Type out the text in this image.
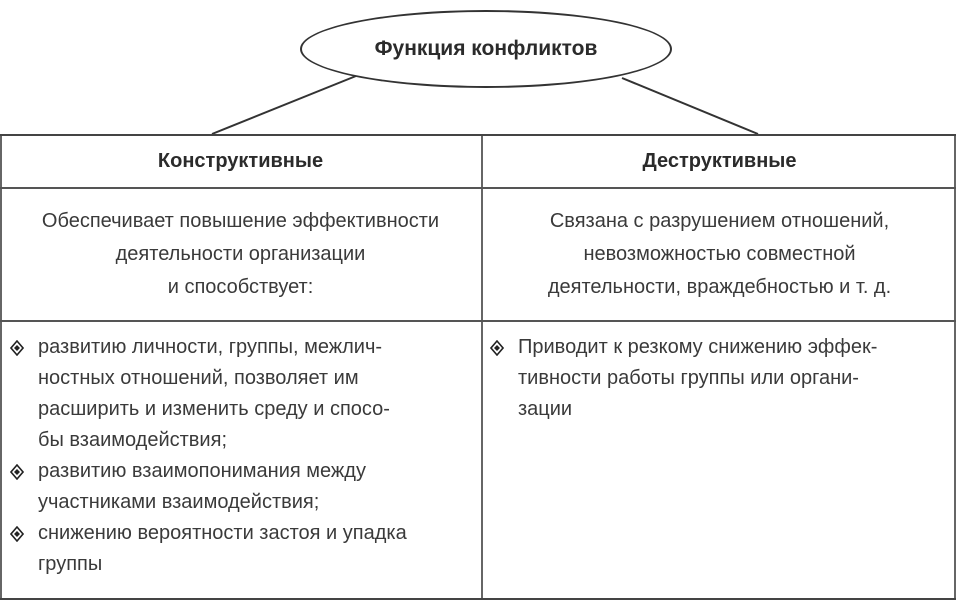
Функция конфликтов
Конструктивные	Деструктивные
Обеспечивает повышение эффективности
деятельности организации
и способствует:
Связана с разрушением отношений,
невозможностью совместной
деятельности, враждебностью и т. д.
развитию личности, группы, межлич-
ностных отношений, позволяет им
расширить и изменить среду и спосо-
бы взаимодействия;
развитию взаимопонимания между
участниками взаимодействия;
снижению вероятности застоя и упадка
группы
Приводит к резкому снижению эффек-
тивности работы группы или органи-
зации
